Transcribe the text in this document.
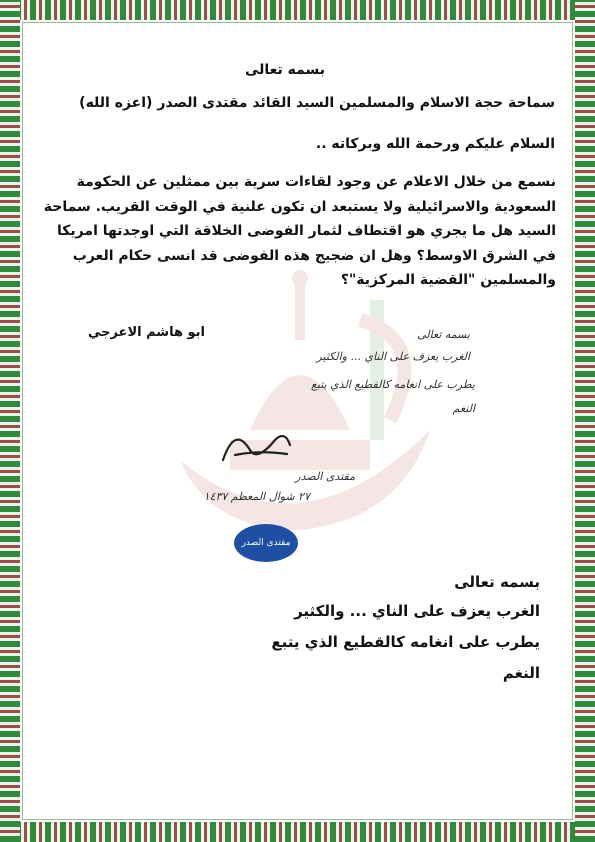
بسمه تعالى
سماحة حجة الاسلام والمسلمين السيد القائد مقتدى الصدر (اعزه الله)
السلام عليكم ورحمة الله وبركاته ..
نسمع من خلال الاعلام عن وجود لقاءات سرية بين ممثلين عن الحكومة السعودية والاسرائيلية ولا يستبعد ان تكون علنية في الوقت القريب. سماحة السيد هل ما يجري هو اقتطاف لثمار الفوضى الخلاقة التي اوجدتها امريكا في الشرق الاوسط؟ وهل ان ضجيج هذه الفوضى قد انسى حكام العرب والمسلمين "القضية المركزية"؟
ابو هاشم الاعرجي	بسمه تعالى
الغرب يعزف على الناي ... والكثير
يطرب على انغامه كالقطيع الذي يتبع
النغم
مقتدى الصدر
٢٧ شوال المعظم ١٤٣٧
مقتدى الصدر
بسمه تعالى
الغرب يعزف على الناي ... والكثير
يطرب على انغامه كالقطيع الذي يتبع
النغم
